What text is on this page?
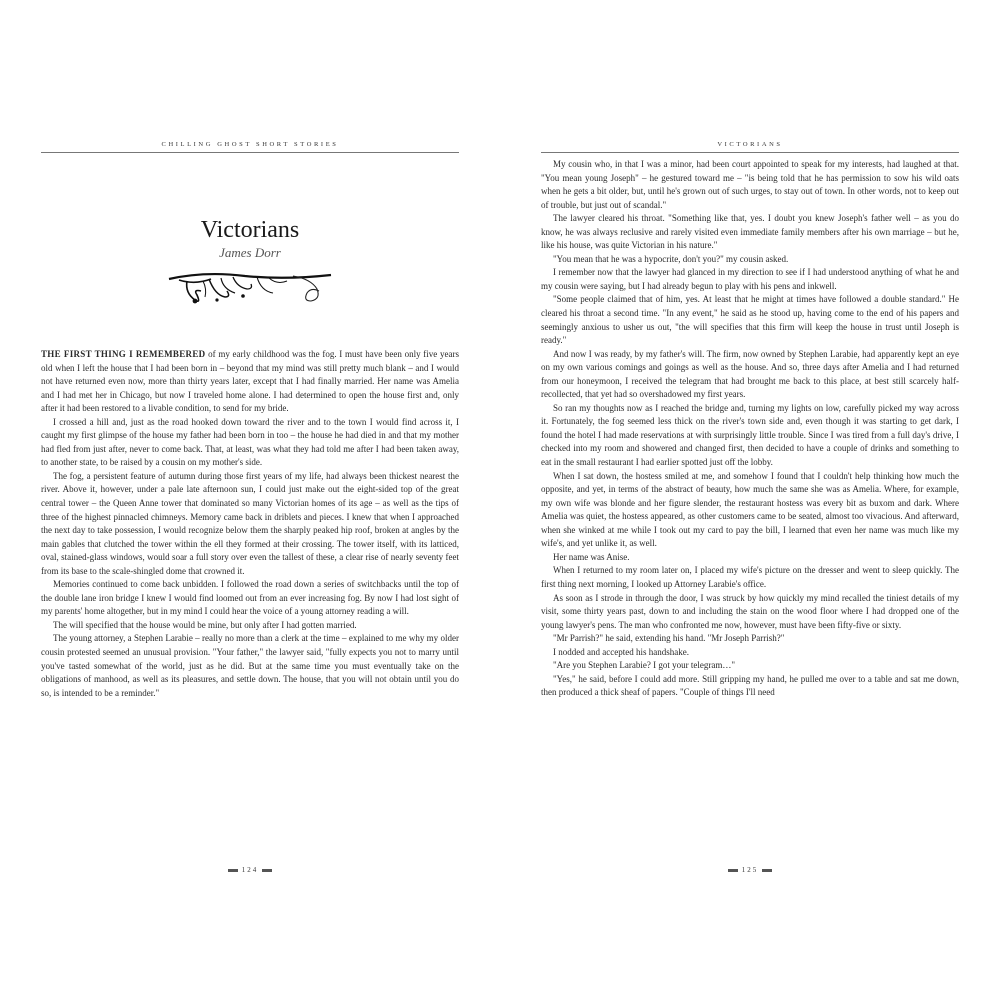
CHILLING GHOST SHORT STORIES
Victorians
James Dorr

THE FIRST THING I REMEMBERED of my early childhood was the fog. I must have been only five years old when I left the house that I had been born in – beyond that my mind was still pretty much blank – and I would not have returned even now, more than thirty years later, except that I had finally married. Her name was Amelia and I had met her in Chicago, but now I traveled home alone. I had determined to open the house first and, only after it had been restored to a livable condition, to send for my bride.

I crossed a hill and, just as the road hooked down toward the river and to the town I would find across it, I caught my first glimpse of the house my father had been born in too – the house he had died in and that my mother had fled from just after, never to come back. That, at least, was what they had told me after I had been taken away, to another state, to be raised by a cousin on my mother's side.

The fog, a persistent feature of autumn during those first years of my life, had always been thickest nearest the river. Above it, however, under a pale late afternoon sun, I could just make out the eight-sided top of the great central tower – the Queen Anne tower that dominated so many Victorian homes of its age – as well as the tips of three of the highest pinnacled chimneys. Memory came back in driblets and pieces. I knew that when I approached the next day to take possession, I would recognize below them the sharply peaked hip roof, broken at angles by the main gables that clutched the tower within the ell they formed at their crossing. The tower itself, with its latticed, oval, stained-glass windows, would soar a full story over even the tallest of these, a clear rise of nearly seventy feet from its base to the scale-shingled dome that crowned it.

Memories continued to come back unbidden. I followed the road down a series of switchbacks until the top of the double lane iron bridge I knew I would find loomed out from an ever increasing fog. By now I had lost sight of my parents' home altogether, but in my mind I could hear the voice of a young attorney reading a will.

The will specified that the house would be mine, but only after I had gotten married.

The young attorney, a Stephen Larabie – really no more than a clerk at the time – explained to me why my older cousin protested seemed an unusual provision. "Your father," the lawyer said, "fully expects you not to marry until you've tasted somewhat of the world, just as he did. But at the same time you must eventually take on the obligations of manhood, as well as its pleasures, and settle down. The house, that you will not obtain until you do so, is intended to be a reminder."

VICTORIANS

My cousin who, in that I was a minor, had been court appointed to speak for my interests, had laughed at that. "You mean young Joseph" – he gestured toward me – "is being told that he has permission to sow his wild oats when he gets a bit older, but, until he's grown out of such urges, to stay out of town. In other words, not to keep out of trouble, but just out of scandal."

The lawyer cleared his throat. "Something like that, yes. I doubt you knew Joseph's father well – as you do know, he was always reclusive and rarely visited even immediate family members after his own marriage – but he, like his house, was quite Victorian in his nature."

"You mean that he was a hypocrite, don't you?" my cousin asked.

I remember now that the lawyer had glanced in my direction to see if I had understood anything of what he and my cousin were saying, but I had already begun to play with his pens and inkwell.

"Some people claimed that of him, yes. At least that he might at times have followed a double standard." He cleared his throat a second time. "In any event," he said as he stood up, having come to the end of his papers and seemingly anxious to usher us out, "the will specifies that this firm will keep the house in trust until Joseph is ready."

And now I was ready, by my father's will. The firm, now owned by Stephen Larabie, had apparently kept an eye on my own various comings and goings as well as the house. And so, three days after Amelia and I had returned from our honeymoon, I received the telegram that had brought me back to this place, at best still scarcely half-recollected, that yet had so overshadowed my first years.

So ran my thoughts now as I reached the bridge and, turning my lights on low, carefully picked my way across it. Fortunately, the fog seemed less thick on the river's town side and, even though it was starting to get dark, I found the hotel I had made reservations at with surprisingly little trouble. Since I was tired from a full day's drive, I checked into my room and showered and changed first, then decided to have a couple of drinks and something to eat in the small restaurant I had earlier spotted just off the lobby.

When I sat down, the hostess smiled at me, and somehow I found that I couldn't help thinking how much the opposite, and yet, in terms of the abstract of beauty, how much the same she was as Amelia. Where, for example, my own wife was blonde and her figure slender, the restaurant hostess was every bit as buxom and dark. Where Amelia was quiet, the hostess appeared, as other customers came to be seated, almost too vivacious. And afterward, when she winked at me while I took out my card to pay the bill, I learned that even her name was much like my wife's, and yet unlike it, as well.

Her name was Anise.

When I returned to my room later on, I placed my wife's picture on the dresser and went to sleep quickly. The first thing next morning, I looked up Attorney Larabie's office.

As soon as I strode in through the door, I was struck by how quickly my mind recalled the tiniest details of my visit, some thirty years past, down to and including the stain on the wood floor where I had dropped one of the young lawyer's pens. The man who confronted me now, however, must have been fifty-five or sixty.

"Mr Parrish?" he said, extending his hand. "Mr Joseph Parrish?"

I nodded and accepted his handshake.

"Are you Stephen Larabie? I got your telegram…"

"Yes," he said, before I could add more. Still gripping my hand, he pulled me over to a table and sat me down, then produced a thick sheaf of papers. "Couple of things I'll need

124	125
